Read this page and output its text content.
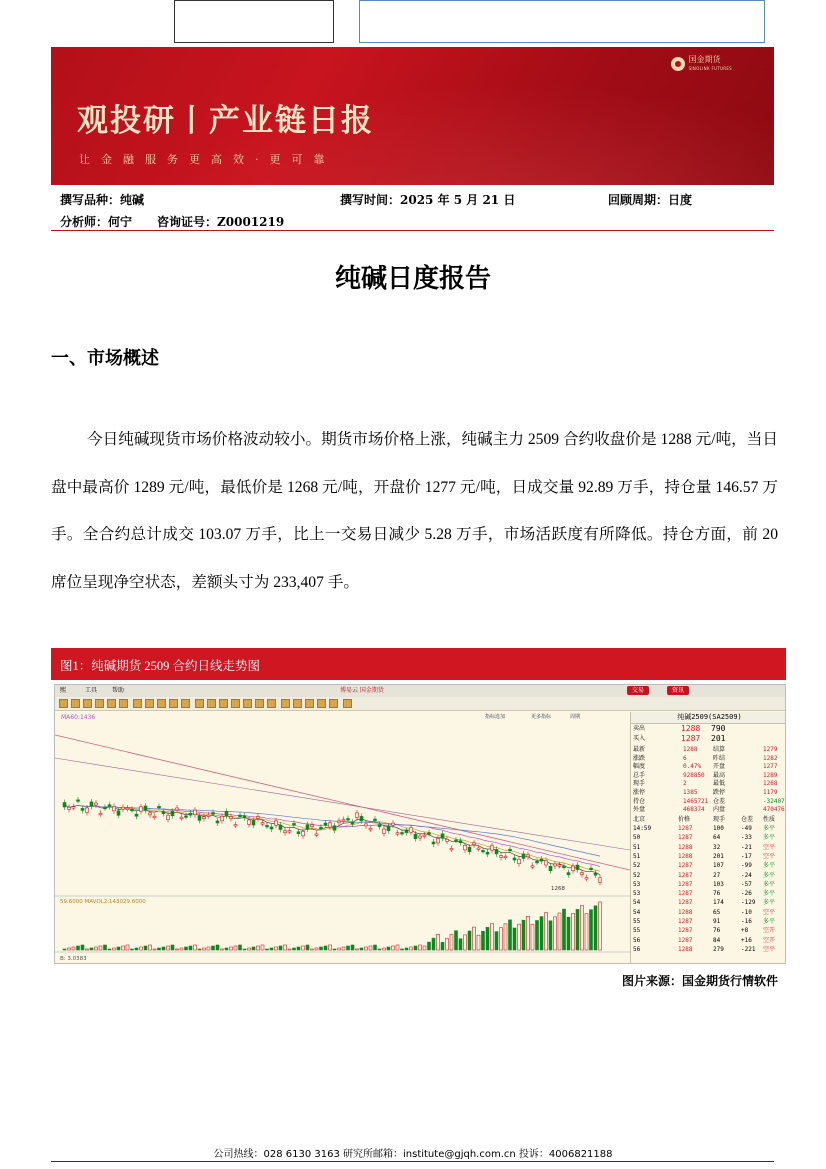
观投研丨产业链日报
让金融服务更高效·更可靠
国金期货
SINOLINK FUTURES
撰写品种：纯碱	撰写时间：2025 年 5 月 21 日	回顾周期：日度
分析师：何宁 咨询证号：Z0001219
纯碱日度报告
一、市场概述

今日纯碱现货市场价格波动较小。期货市场价格上涨，纯碱主力 2509 合约收盘价是 1288 元/吨，当日盘中最高价 1289 元/吨，最低价是 1268 元/吨，开盘价 1277 元/吨，日成交量 92.89 万手，持仓量 146.57 万手。全合约总计成交 103.07 万手，比上一交易日减少 5.28 万手，市场活跃度有所降低。持仓方面，前 20 席位呈现净空状态，差额头寸为 233,407 手。

图1：纯碱期货 2509 合约日线走势图
熙	工具 帮助	博易云 国金期货	交易	资讯
MA60:1436	指标选加	更多指标	周期
59.6000 MAVOL2:143029.6000
B: 3.0383
1268
纯碱2509(SA2509)
卖出	1288 790
买入	1287 201
最新	1288	结算	1279
涨跌	6	昨结	1282
幅度	0.47% 开盘	1277
总手	928850 最高	1289
现手	2	最低	1268
涨停	1385	跌停	1179
持仓	1465721 仓差	-32407
外盘	468374 内盘	470476
北京	价格	现手	仓差 性质
14:59	1287	100	-49 多平
50	1287	64	-33 多平
51	1288	32	-21 空平
51	1288	201	-17 空平
52	1287	107	-99 多平
52	1287	27	-24 多平
53	1287	103	-57 多平
53	1287	76	-26 多平
54	1287	174	-129 多平
54	1288	65	-10 空平
55	1287	91	-16 多平
55	1287	76	+8 空开
56	1287	84	+16 空开
56	1288	279	-221 空平
图片来源：国金期货行情软件
公司热线：028 6130 3163 研究所邮箱：institute@gjqh.com.cn 投诉：4006821188
